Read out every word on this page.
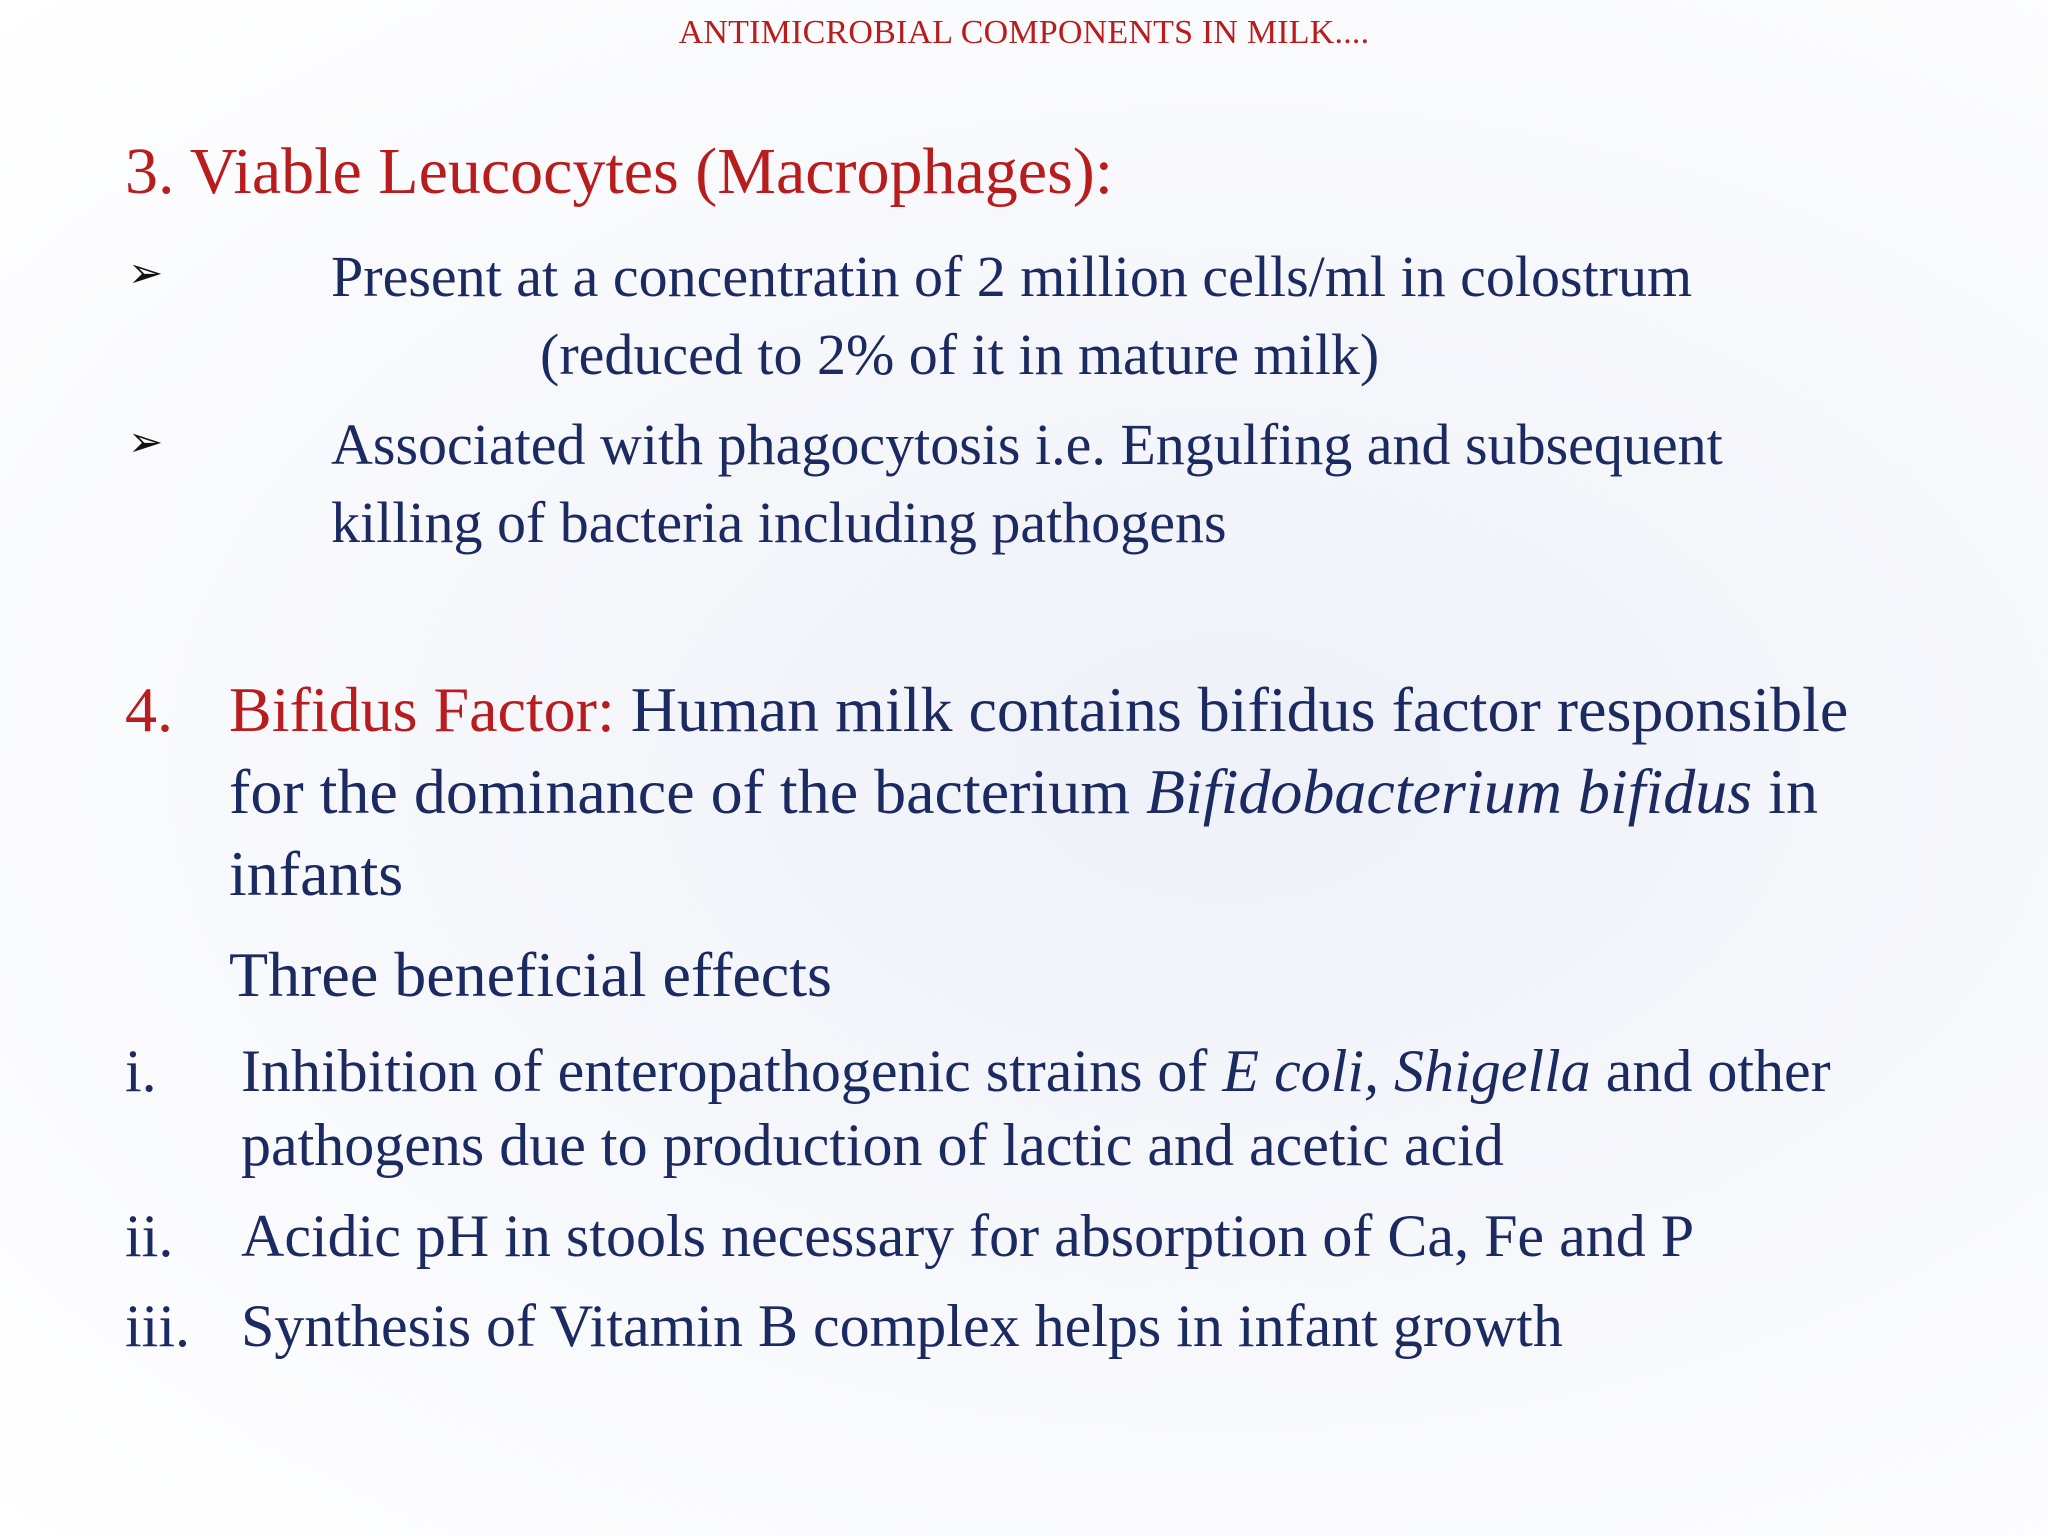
ANTIMICROBIAL COMPONENTS IN MILK....
3. Viable Leucocytes (Macrophages):
➢	Present at a concentratin of 2 million cells/ml in colostrum
(reduced to 2% of it in mature milk)
➢	Associated with phagocytosis i.e. Engulfing and subsequent
killing of bacteria including pathogens
4. Bifidus Factor: Human milk contains bifidus factor responsible
for the dominance of the bacterium Bifidobacterium bifidus in
infants
Three beneficial effects
i. Inhibition of enteropathogenic strains of E coli, Shigella and other
pathogens due to production of lactic and acetic acid
ii. Acidic pH in stools necessary for absorption of Ca, Fe and P
iii. Synthesis of Vitamin B complex helps in infant growth
